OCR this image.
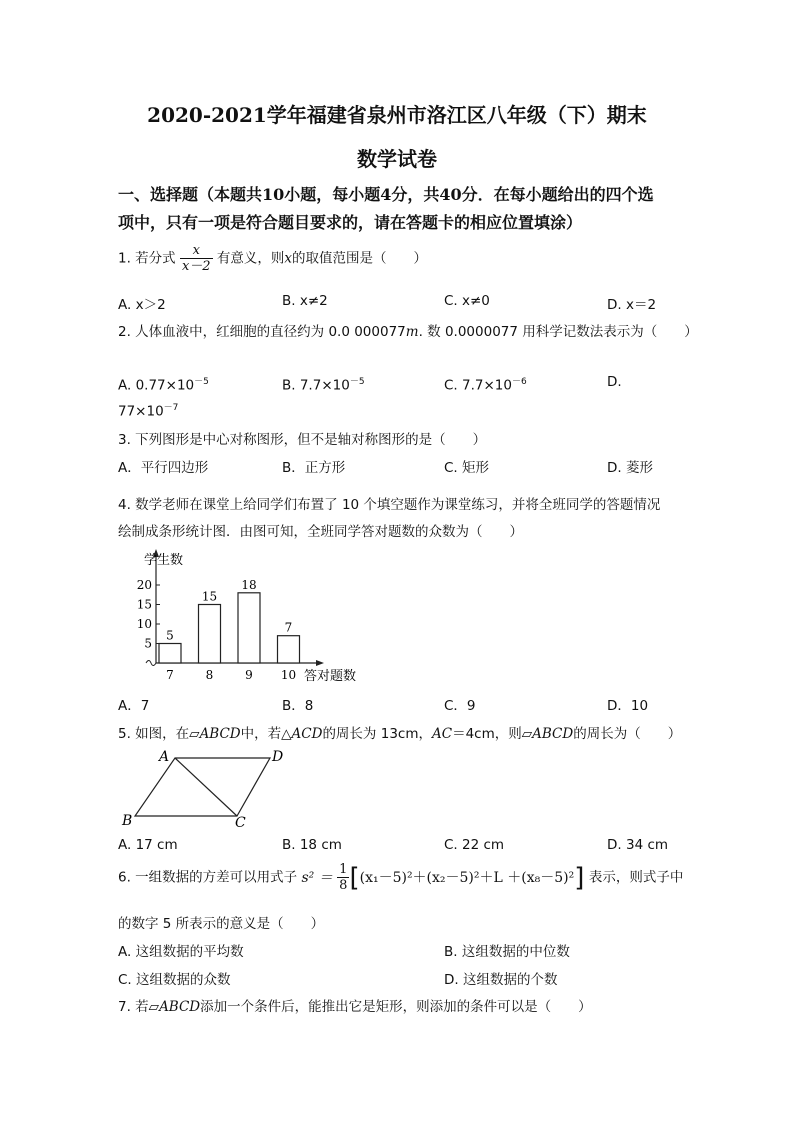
2020-2021学年福建省泉州市洛江区八年级（下）期末
数学试卷
一、选择题（本题共10小题，每小题4分，共40分．在每小题给出的四个选
项中，只有一项是符合题目要求的，请在答题卡的相应位置填涂）
1. 若分式 $\frac{x}{x-2}$ 有意义，则x的取值范围是（　　）
A. x＞2	B. x≠2	C. x≠0	D. x＝2
2. 人体血液中，红细胞的直径约为 0.0 000077m. 数 0.0000077 用科学记数法表示为（　　）
A. $0.77\times 10^{-5}$	B. $7.7\times 10^{-5}$	C. $7.7\times 10^{-6}$	D.
$77\times 10^{-7}$
3. 下列图形是中心对称图形，但不是轴对称图形的是（　　）
A．平行四边形	B．正方形	C. 矩形	D. 菱形
4. 数学老师在课堂上给同学们布置了 10 个填空题作为课堂练习，并将全班同学的答题情况
绘制成条形统计图．由图可知，全班同学答对题数的众数为（　　）
学生数
答对题数
5
10
15
20
5
7
15
8
18
9
7
10
A．7	B．8	C．9	D．10
5. 如图，在▱ABCD中，若△ACD的周长为 13cm，AC＝4cm，则▱ABCD的周长为（　　）
A	D
B	C
A. 17 cm	B. 18 cm	C. 22 cm	D. 34 cm
6. 一组数据的方差可以用式子 $s^2 = \frac{1}{8} [(x_1-5)^2+(x_2-5)^2+L +(x_8-5)^2]$ 表示，则式子中
的数字 5 所表示的意义是（　　）
A. 这组数据的平均数	B. 这组数据的中位数
C. 这组数据的众数	D. 这组数据的个数
7. 若▱ABCD添加一个条件后，能推出它是矩形，则添加的条件可以是（　　）
